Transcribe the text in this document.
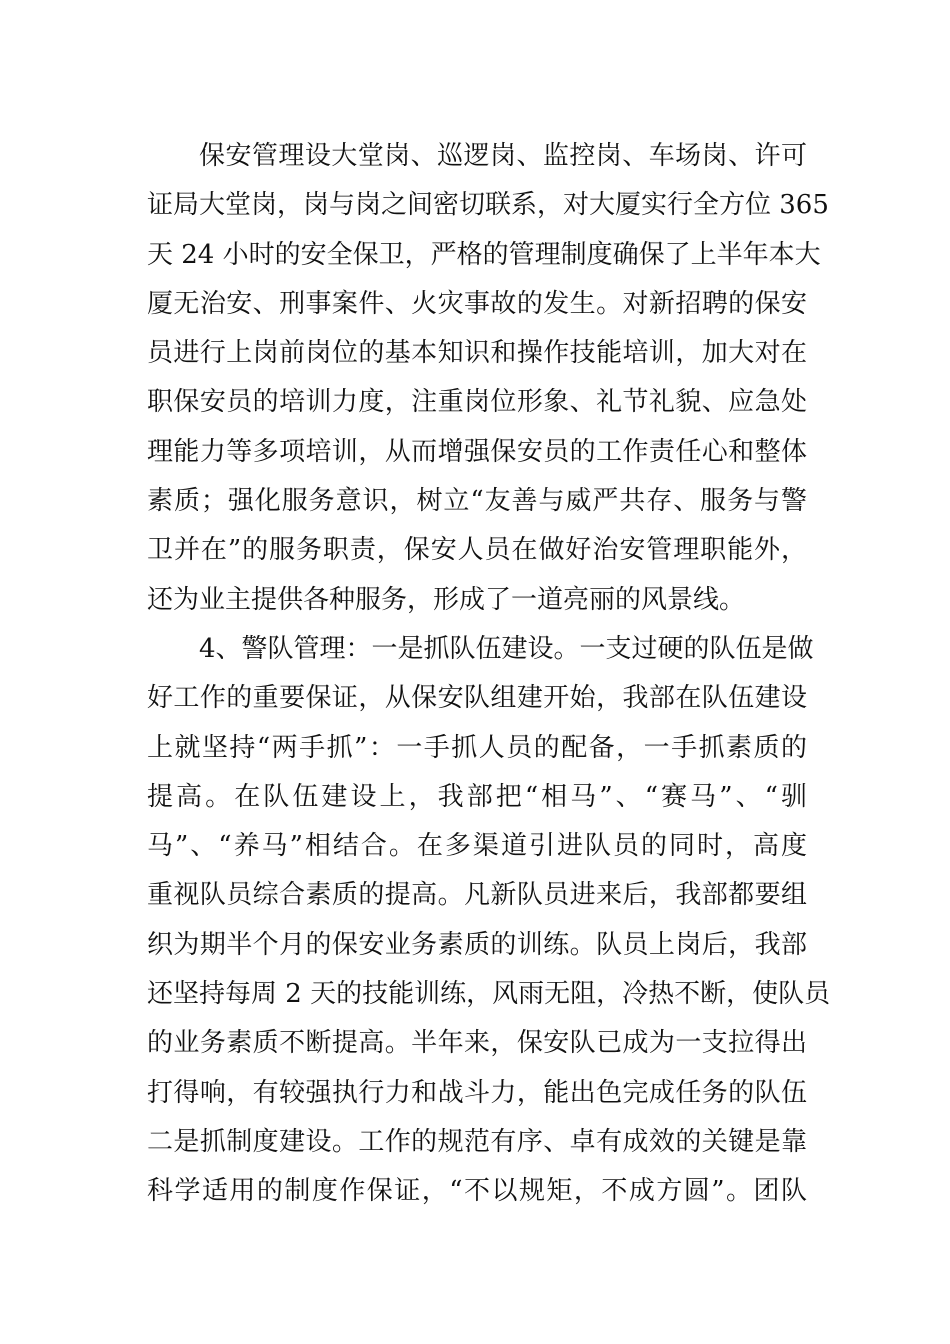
保安管理设大堂岗、巡逻岗、监控岗、车场岗、许可
证局大堂岗，岗与岗之间密切联系，对大厦实行全方位 365
天 24 小时的安全保卫，严格的管理制度确保了上半年本大
厦无治安、刑事案件、火灾事故的发生。对新招聘的保安
员进行上岗前岗位的基本知识和操作技能培训，加大对在
职保安员的培训力度，注重岗位形象、礼节礼貌、应急处
理能力等多项培训，从而增强保安员的工作责任心和整体
素质；强化服务意识，树立“友善与威严共存、服务与警
卫并在”的服务职责，保安人员在做好治安管理职能外，
还为业主提供各种服务，形成了一道亮丽的风景线。
4、警队管理：一是抓队伍建设。一支过硬的队伍是做
好工作的重要保证，从保安队组建开始，我部在队伍建设
上就坚持“两手抓”：一手抓人员的配备，一手抓素质的
提高。在队伍建设上，我部把“相马”、“赛马”、“驯
马”、“养马”相结合。在多渠道引进队员的同时，高度
重视队员综合素质的提高。凡新队员进来后，我部都要组
织为期半个月的保安业务素质的训练。队员上岗后，我部
还坚持每周 2 天的技能训练，风雨无阻，冷热不断，使队员
的业务素质不断提高。半年来，保安队已成为一支拉得出
打得响，有较强执行力和战斗力，能出色完成任务的队伍
二是抓制度建设。工作的规范有序、卓有成效的关键是靠
科学适用的制度作保证，“不以规矩，不成方圆”。团队
